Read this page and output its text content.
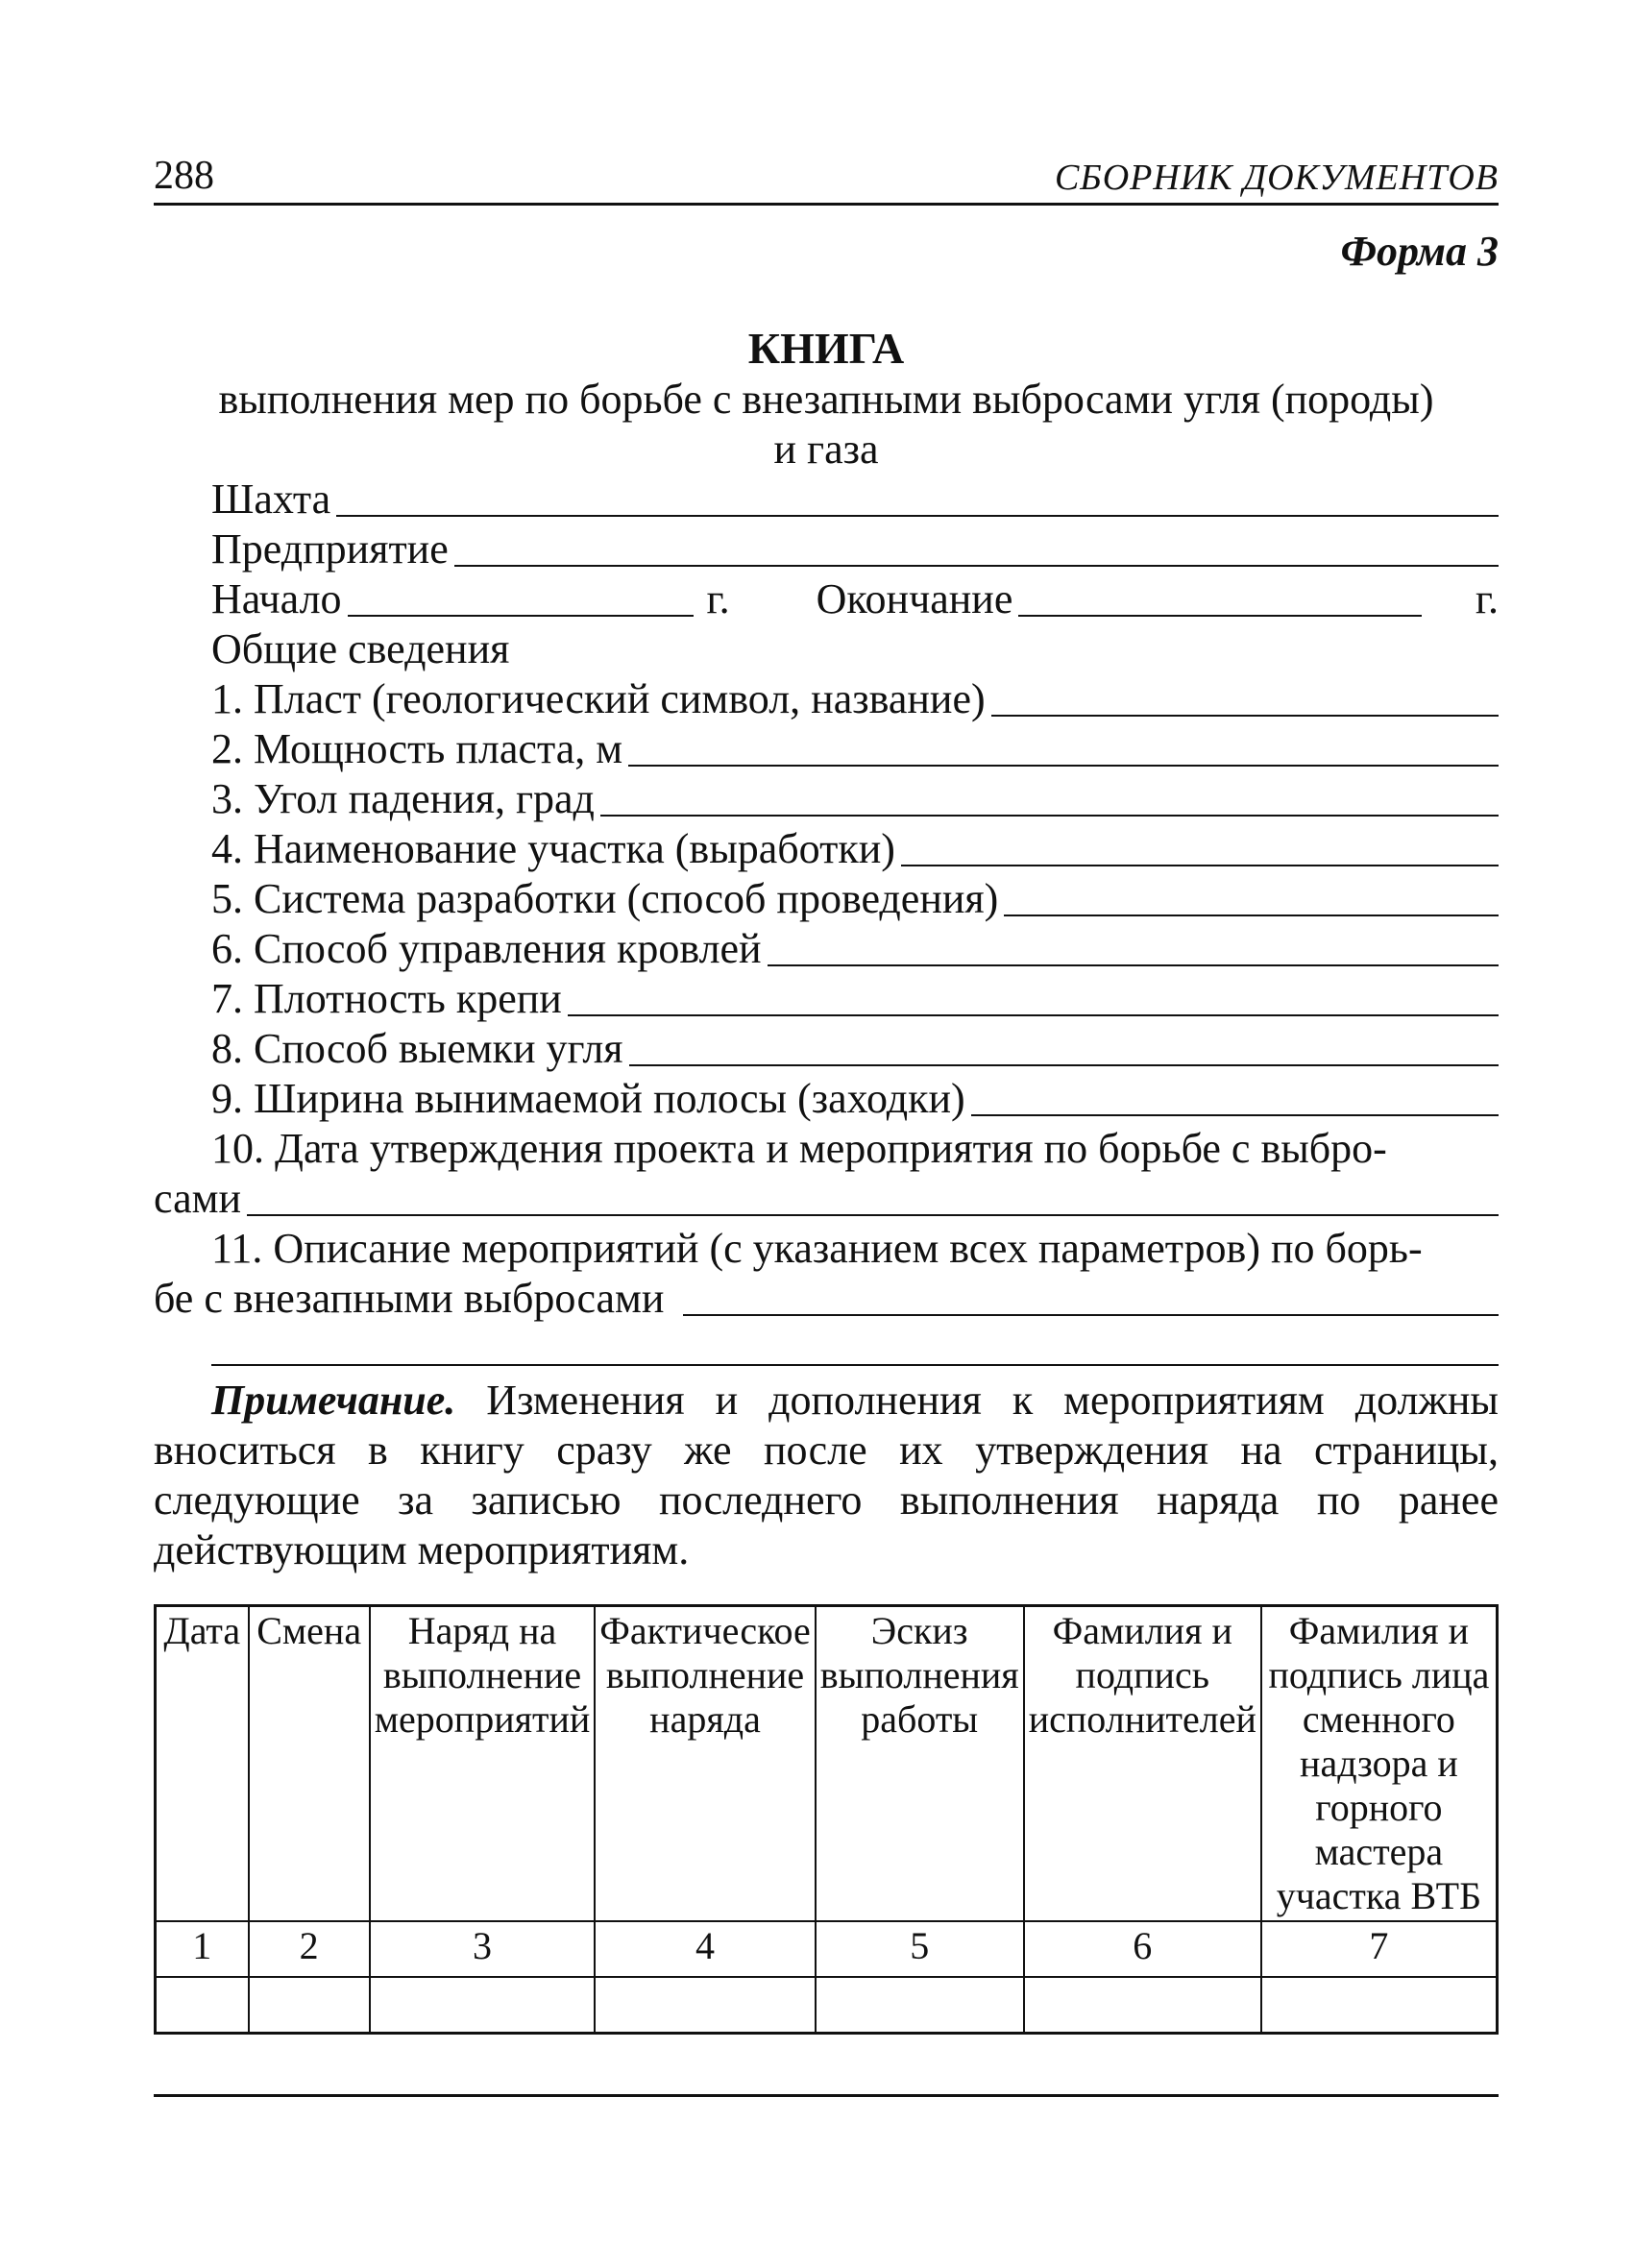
288	СБОРНИК ДОКУМЕНТОВ
Форма 3
КНИГА
выполнения мер по борьбе с внезапными выбросами угля (породы)
и газа
Шахта
Предприятие
Начало	г. Окончание	г.
Общие сведения
1. Пласт (геологический символ, название)
2. Мощность пласта, м
3. Угол падения, град
4. Наименование участка (выработки)
5. Система разработки (способ проведения)
6. Способ управления кровлей
7. Плотность крепи
8. Способ выемки угля
9. Ширина вынимаемой полосы (заходки)
10. Дата утверждения проекта и мероприятия по борьбе с выбро-
сами
11. Описание мероприятий (с указанием всех параметров) по борь-
бе с внезапными выбросами
Примечание. Изменения и дополнения к мероприятиям должны вноситься в книгу сразу же после их утверждения на страницы, следующие за записью последнего выполнения наряда по ранее действующим мероприятиям.
Дата	Смена	Наряд на выполнение мероприятий	Фактическое выполнение наряда	Эскиз выполнения работы	Фамилия и подпись исполнителей	Фамилия и подпись лица сменного надзора и горного мастера участка ВТБ
1	2	3	4	5	6	7
